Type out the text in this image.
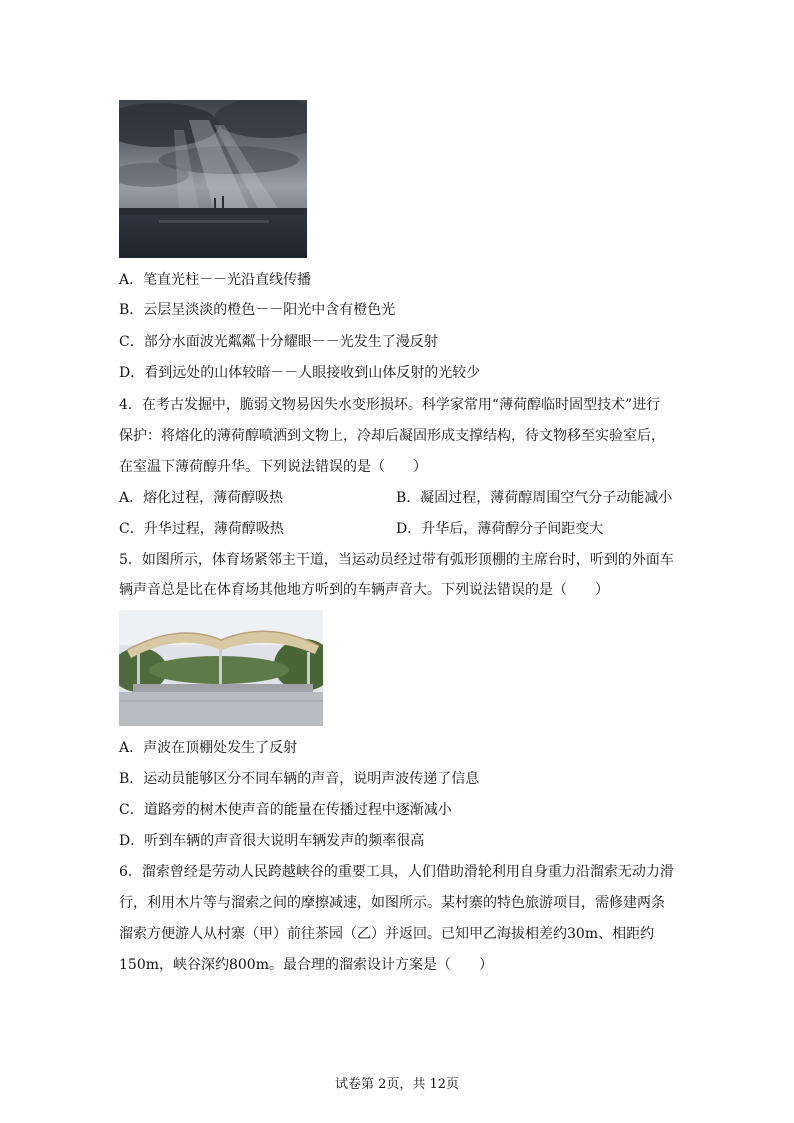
A．笔直光柱－－光沿直线传播
B．云层呈淡淡的橙色－－阳光中含有橙色光
C．部分水面波光粼粼十分耀眼－－光发生了漫反射
D．看到远处的山体较暗－－人眼接收到山体反射的光较少
4．在考古发掘中，脆弱文物易因失水变形损坏。科学家常用“薄荷醇临时固型技术”进行
保护：将熔化的薄荷醇喷洒到文物上，冷却后凝固形成支撑结构，待文物移至实验室后，
在室温下薄荷醇升华。下列说法错误的是（　　）
A．熔化过程，薄荷醇吸热	B．凝固过程，薄荷醇周围空气分子动能减小
C．升华过程，薄荷醇吸热	D．升华后，薄荷醇分子间距变大
5．如图所示，体育场紧邻主干道，当运动员经过带有弧形顶棚的主席台时，听到的外面车
辆声音总是比在体育场其他地方听到的车辆声音大。下列说法错误的是（　　）
A．声波在顶棚处发生了反射
B．运动员能够区分不同车辆的声音，说明声波传递了信息
C．道路旁的树木使声音的能量在传播过程中逐渐减小
D．听到车辆的声音很大说明车辆发声的频率很高
6．溜索曾经是劳动人民跨越峡谷的重要工具，人们借助滑轮利用自身重力沿溜索无动力滑
行，利用木片等与溜索之间的摩擦减速，如图所示。某村寨的特色旅游项目，需修建两条
溜索方便游人从村寨（甲）前往茶园（乙）并返回。已知甲乙海拔相差约30m、相距约
150m，峡谷深约800m。最合理的溜索设计方案是（　　）
试卷第 2页，共 12页
